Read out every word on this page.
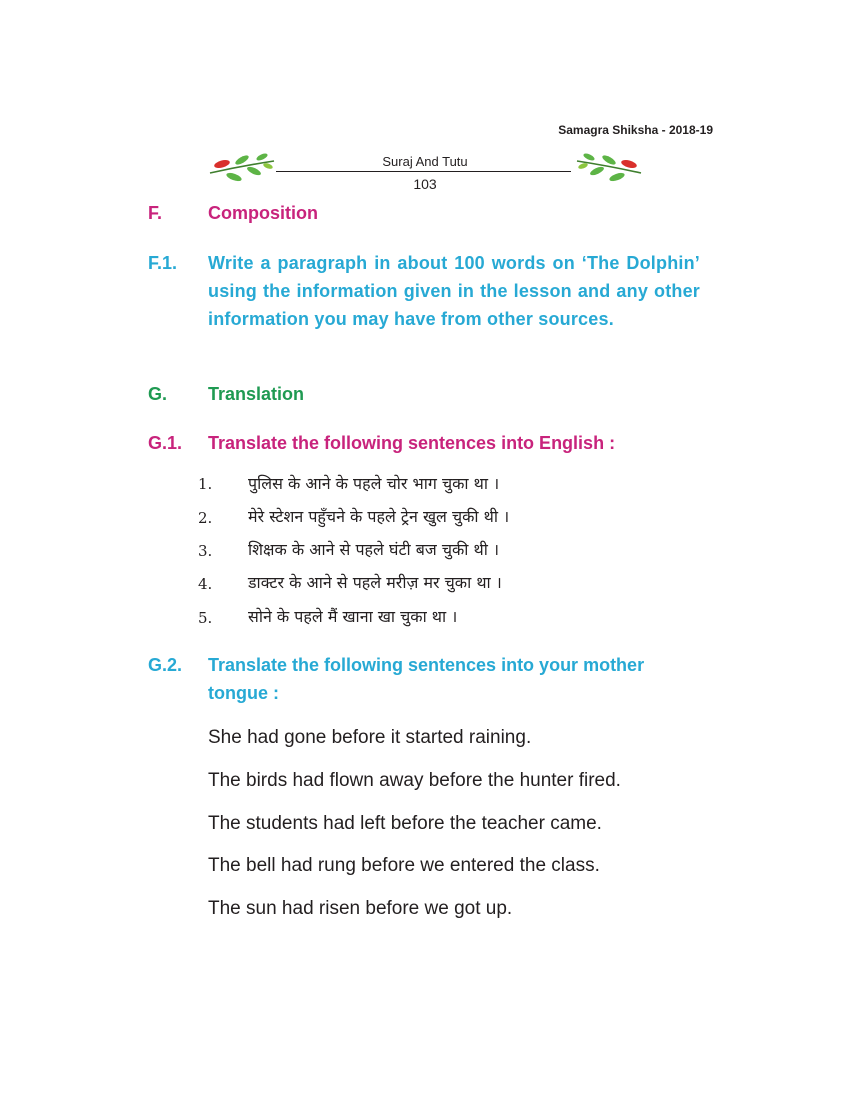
Samagra Shiksha - 2018-19
Suraj And Tutu
103
F.	Composition
F.1. Write a paragraph in about 100 words on ‘The Dolphin’ using the information given in the lesson and any other information you may have from other sources.
G. Translation
G.1. Translate the following sentences into English :
1. पुलिस के आने के पहले चोर भाग चुका था ।
2. मेरे स्टेशन पहुँचने के पहले ट्रेन खुल चुकी थी ।
3. शिक्षक के आने से पहले घंटी बज चुकी थी ।
4. डाक्टर के आने से पहले मरीज़ मर चुका था ।
5. सोने के पहले मैं खाना खा चुका था ।
G.2. Translate the following sentences into your mother
tongue :
She had gone before it started raining.
The birds had flown away before the hunter fired.
The students had left before the teacher came.
The bell had rung before we entered the class.
The sun had risen before we got up.
